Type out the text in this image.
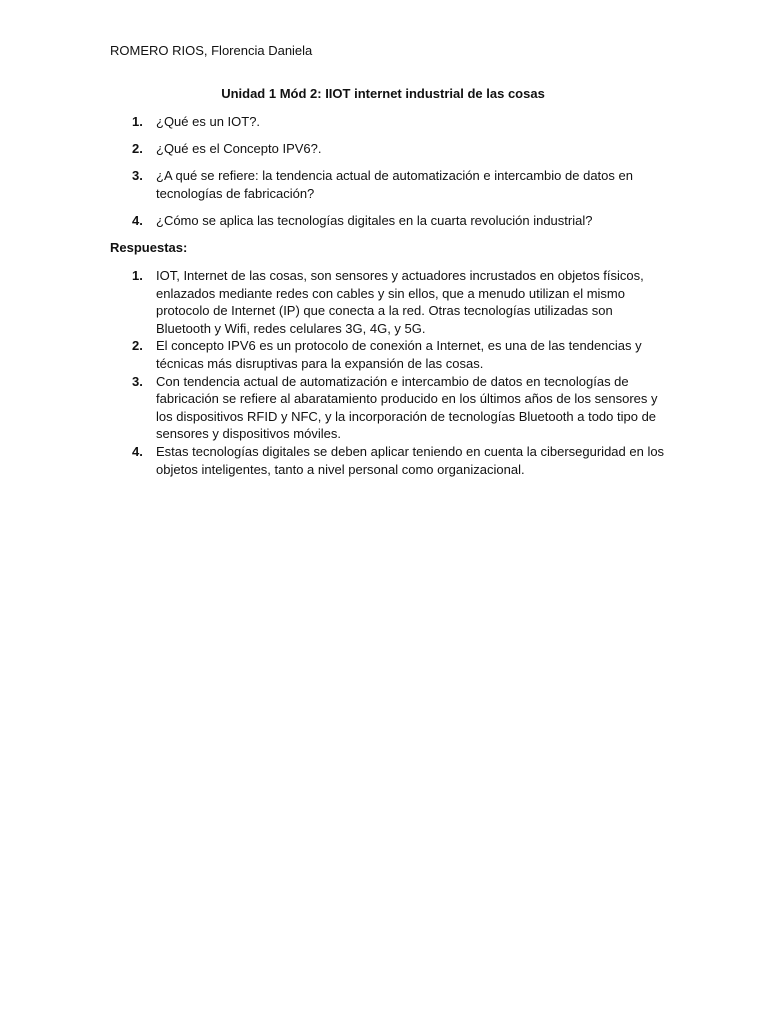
ROMERO RIOS, Florencia Daniela
Unidad 1 Mód 2: IIOT internet industrial de las cosas
1. ¿Qué es un IOT?.
2. ¿Qué es el Concepto IPV6?.
3. ¿A qué se refiere: la tendencia actual de automatización e intercambio de datos en tecnologías de fabricación?
4. ¿Cómo se aplica las tecnologías digitales en la cuarta revolución industrial?
Respuestas:
1. IOT, Internet de las cosas, son sensores y actuadores incrustados en objetos físicos, enlazados mediante redes con cables y sin ellos, que a menudo utilizan el mismo protocolo de Internet (IP) que conecta a la red. Otras tecnologías utilizadas son Bluetooth y Wifi, redes celulares 3G, 4G, y 5G.
2. El concepto IPV6 es un protocolo de conexión a Internet, es una de las tendencias y técnicas más disruptivas para la expansión de las cosas.
3. Con tendencia actual de automatización e intercambio de datos en tecnologías de fabricación se refiere al abaratamiento producido en los últimos años de los sensores y los dispositivos RFID y NFC, y la incorporación de tecnologías Bluetooth a todo tipo de sensores y dispositivos móviles.
4. Estas tecnologías digitales se deben aplicar teniendo en cuenta la ciberseguridad en los objetos inteligentes, tanto a nivel personal como organizacional.
